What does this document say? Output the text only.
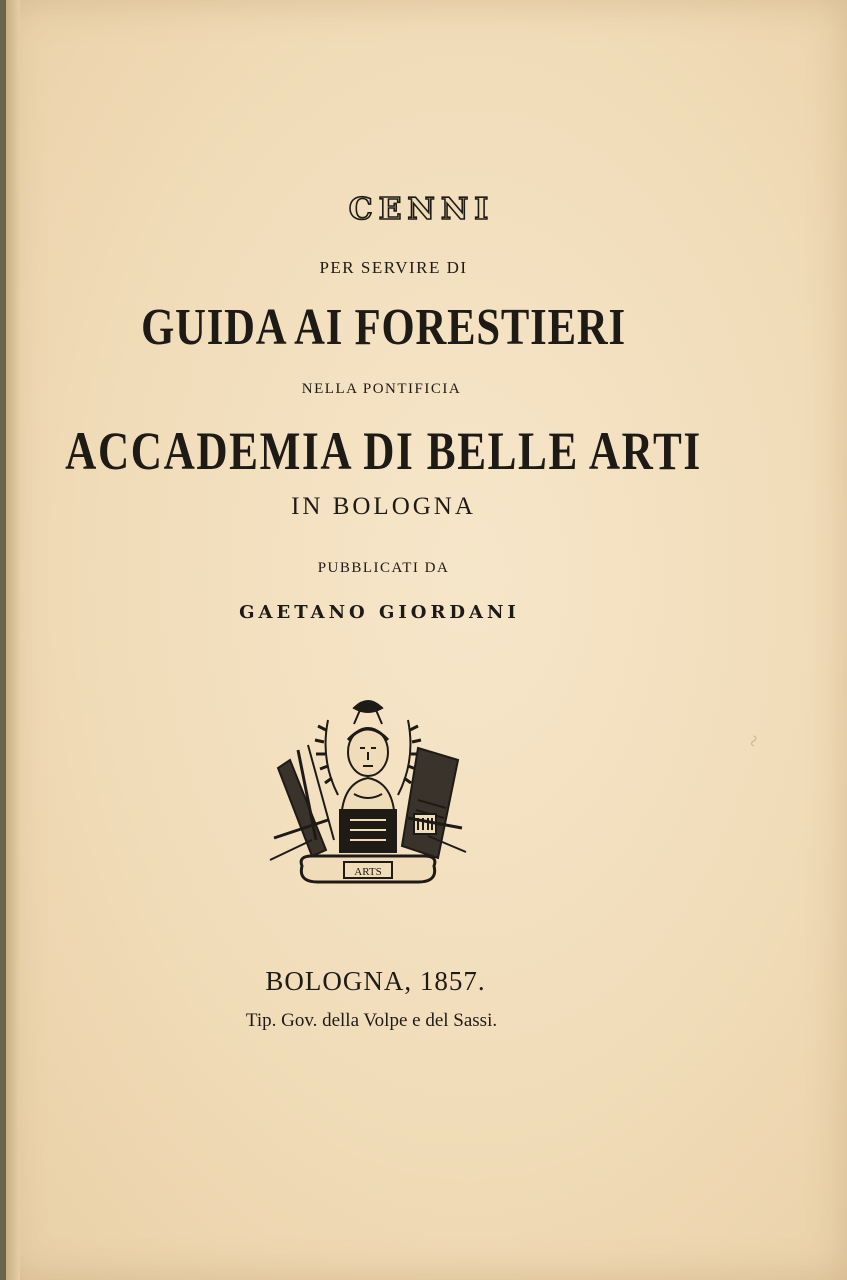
CENNI
PER SERVIRE DI
GUIDA AI FORESTIERI
NELLA PONTIFICIA
ACCADEMIA DI BELLE ARTI
IN BOLOGNA
PUBBLICATI DA
GAETANO GIORDANI
ARTS
~
BOLOGNA, 1857.
Tip. Gov. della Volpe e del Sassi.
